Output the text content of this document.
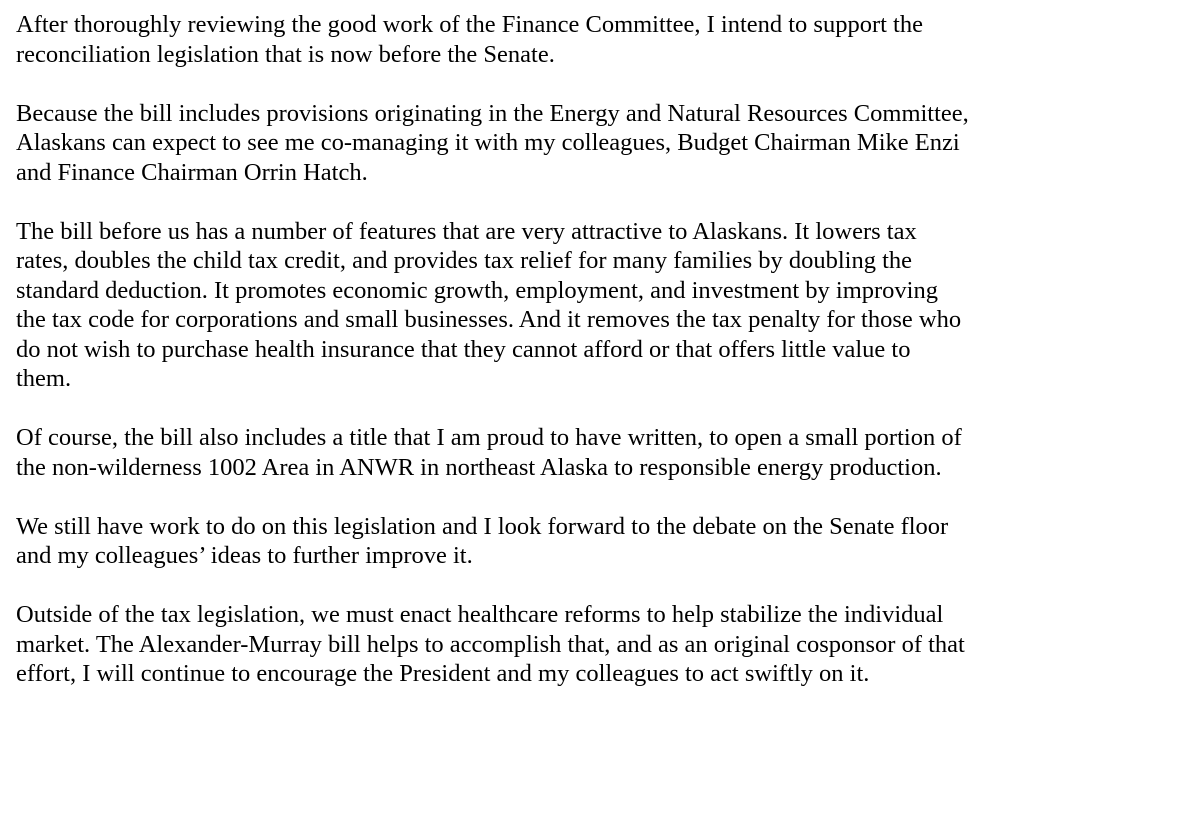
After thoroughly reviewing the good work of the Finance Committee, I intend to support the
reconciliation legislation that is now before the Senate.

Because the bill includes provisions originating in the Energy and Natural Resources Committee,
Alaskans can expect to see me co-managing it with my colleagues, Budget Chairman Mike Enzi
and Finance Chairman Orrin Hatch.

The bill before us has a number of features that are very attractive to Alaskans. It lowers tax
rates, doubles the child tax credit, and provides tax relief for many families by doubling the
standard deduction. It promotes economic growth, employment, and investment by improving
the tax code for corporations and small businesses. And it removes the tax penalty for those who
do not wish to purchase health insurance that they cannot afford or that offers little value to
them.

Of course, the bill also includes a title that I am proud to have written, to open a small portion of
the non-wilderness 1002 Area in ANWR in northeast Alaska to responsible energy production.

We still have work to do on this legislation and I look forward to the debate on the Senate floor
and my colleagues’ ideas to further improve it.

Outside of the tax legislation, we must enact healthcare reforms to help stabilize the individual
market. The Alexander-Murray bill helps to accomplish that, and as an original cosponsor of that
effort, I will continue to encourage the President and my colleagues to act swiftly on it.
